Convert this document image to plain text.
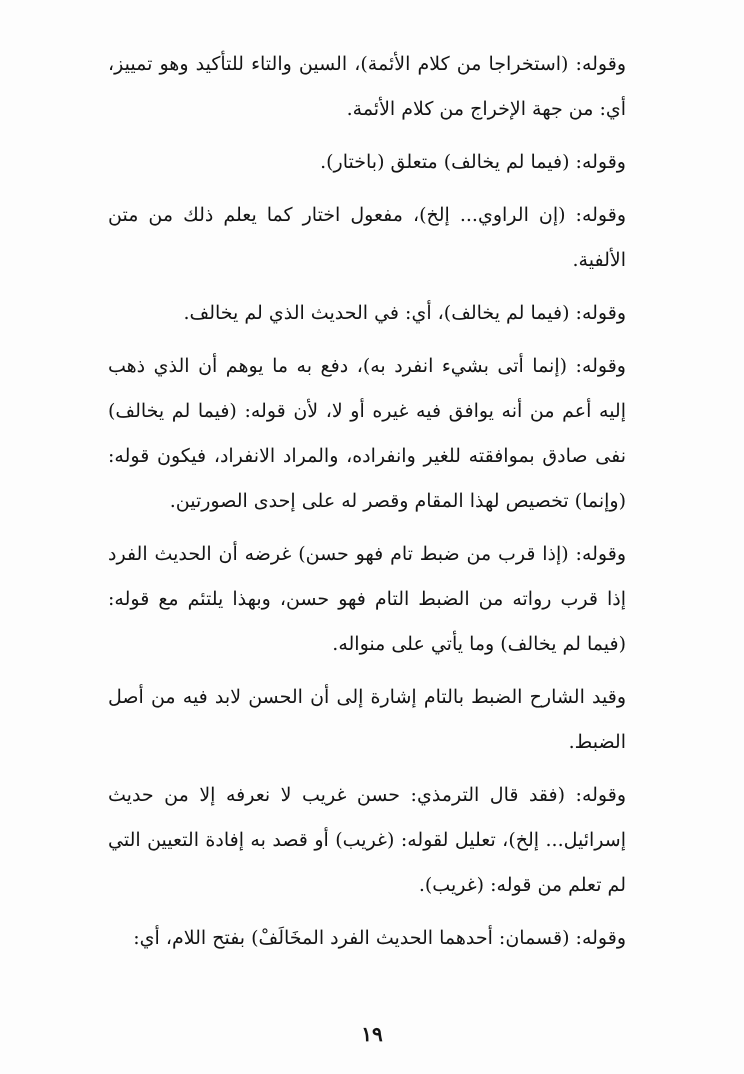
وقوله: (استخراجا من كلام الأئمة)، السين والتاء للتأكيد وهو تمييز، أي: من جهة الإخراج من كلام الأئمة.

وقوله: (فيما لم يخالف) متعلق (باختار).

وقوله: (إن الراوي... إلخ)، مفعول اختار كما يعلم ذلك من متن الألفية.

وقوله: (فيما لم يخالف)، أي: في الحديث الذي لم يخالف.

وقوله: (إنما أتى بشيء انفرد به)، دفع به ما يوهم أن الذي ذهب إليه أعم من أنه يوافق فيه غيره أو لا، لأن قوله: (فيما لم يخالف) نفى صادق بموافقته للغير وانفراده، والمراد الانفراد، فيكون قوله: (وإنما) تخصيص لهذا المقام وقصر له على إحدى الصورتين.

وقوله: (إذا قرب من ضبط تام فهو حسن) غرضه أن الحديث الفرد إذا قرب رواته من الضبط التام فهو حسن، وبهذا يلتئم مع قوله: (فيما لم يخالف) وما يأتي على منواله.

وقيد الشارح الضبط بالتام إشارة إلى أن الحسن لابد فيه من أصل الضبط.

وقوله: (فقد قال الترمذي: حسن غريب لا نعرفه إلا من حديث إسرائيل... إلخ)، تعليل لقوله: (غريب) أو قصد به إفادة التعيين التي لم تعلم من قوله: (غريب).

وقوله: (قسمان: أحدهما الحديث الفرد المخَالَفْ) بفتح اللام، أي:

١٩
